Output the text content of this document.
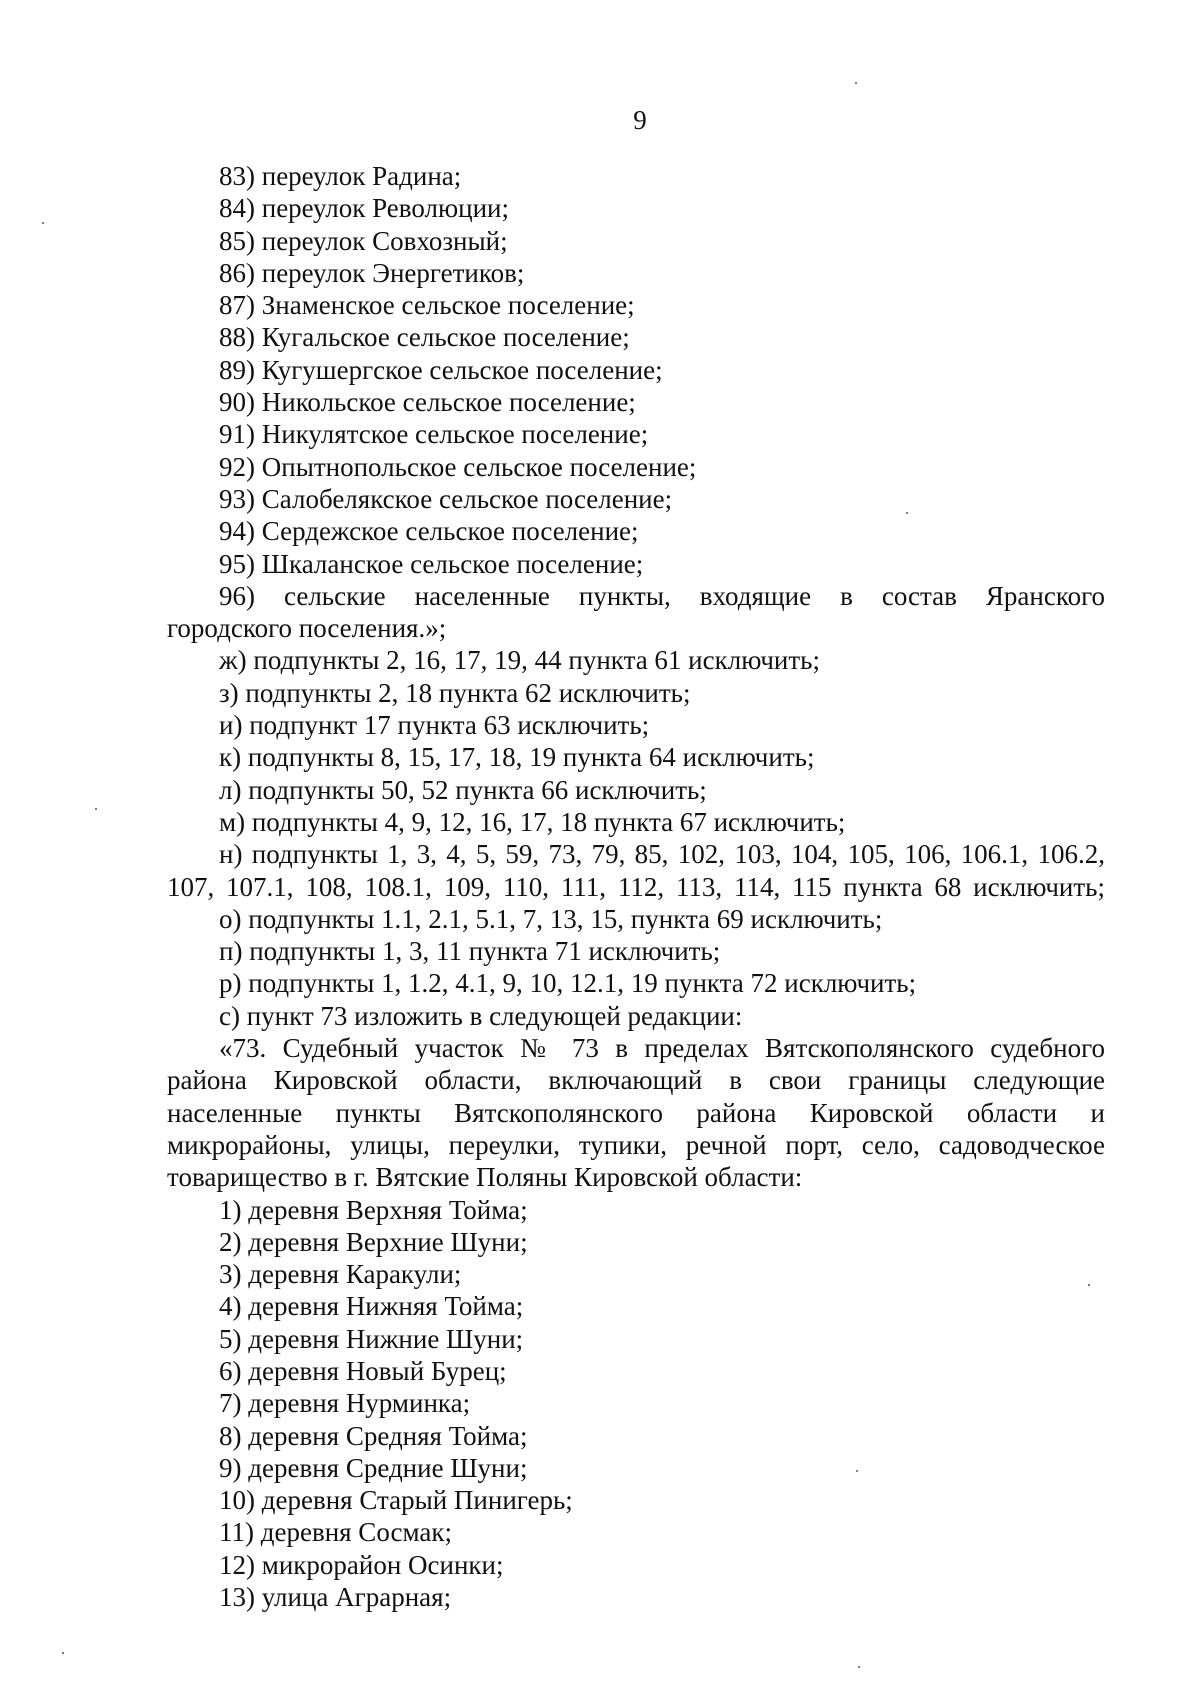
9
83) переулок Радина;
84) переулок Революции;
85) переулок Совхозный;
86) переулок Энергетиков;
87) Знаменское сельское поселение;
88) Кугальское сельское поселение;
89) Кугушергское сельское поселение;
90) Никольское сельское поселение;
91) Никулятское сельское поселение;
92) Опытнопольское сельское поселение;
93) Салобелякское сельское поселение;
94) Сердежское сельское поселение;
95) Шкаланское сельское поселение;
96) сельские населенные пункты, входящие в состав Яранского
городского поселения.»;
ж) подпункты 2, 16, 17, 19, 44 пункта 61 исключить;
з) подпункты 2, 18 пункта 62 исключить;
и) подпункт 17 пункта 63 исключить;
к) подпункты 8, 15, 17, 18, 19 пункта 64 исключить;
л) подпункты 50, 52 пункта 66 исключить;
м) подпункты 4, 9, 12, 16, 17, 18 пункта 67 исключить;
н) подпункты 1, 3, 4, 5, 59, 73, 79, 85, 102, 103, 104, 105, 106, 106.1, 106.2,
107, 107.1, 108, 108.1, 109, 110, 111, 112, 113, 114, 115 пункта 68 исключить;
о) подпункты 1.1, 2.1, 5.1, 7, 13, 15, пункта 69 исключить;
п) подпункты 1, 3, 11 пункта 71 исключить;
р) подпункты 1, 1.2, 4.1, 9, 10, 12.1, 19 пункта 72 исключить;
с) пункт 73 изложить в следующей редакции:
«73. Судебный участок № 73 в пределах Вятскополянского судебного
района Кировской области, включающий в свои границы следующие
населенные пункты Вятскополянского района Кировской области и
микрорайоны, улицы, переулки, тупики, речной порт, село, садоводческое
товарищество в г. Вятские Поляны Кировской области:
1) деревня Верхняя Тойма;
2) деревня Верхние Шуни;
3) деревня Каракули;
4) деревня Нижняя Тойма;
5) деревня Нижние Шуни;
6) деревня Новый Бурец;
7) деревня Нурминка;
8) деревня Средняя Тойма;
9) деревня Средние Шуни;
10) деревня Старый Пинигерь;
11) деревня Сосмак;
12) микрорайон Осинки;
13) улица Аграрная;
